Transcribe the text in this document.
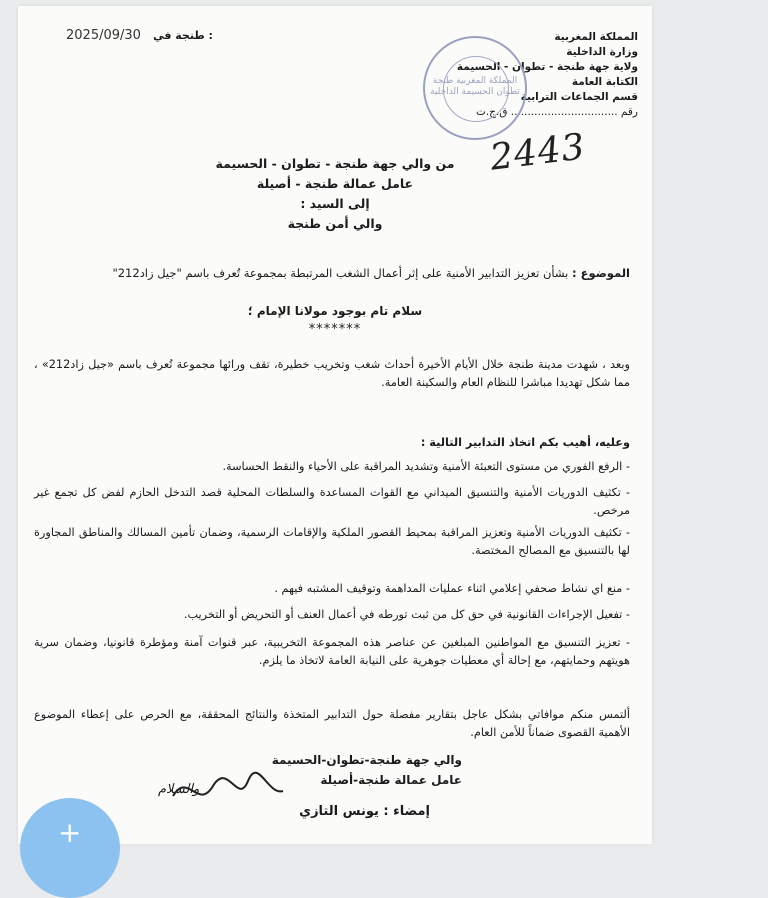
المملكة المغربية
وزارة الداخلية
ولاية جهة طنجة - تطوان - الحسيمة
الكتابة العامة
قسم الجماعات الترابية
رقم ................................ ق.ج.ت
2025/09/30 طنجة في :
المملكة المغربية طنجة تطوان الحسيمة الداخلية
2443
من والي جهة طنجة - تطوان - الحسيمة
عامل عمالة طنجة - أصيلة
إلى السيد :
والي أمن طنجة
الموضوع : بشأن تعزيز التدابير الأمنية على إثر أعمال الشغب المرتبطة بمجموعة تُعرف باسم "جيل زاد212"
سلام تام بوجود مولانا الإمام ؛
*******
وبعد ، شهدت مدينة طنجة خلال الأيام الأخيرة أحداث شغب وتخريب خطيرة، تقف ورائها مجموعة تُعرف باسم «جيل زاد212» ، مما شكل تهديدا مباشرا للنظام العام والسكينة العامة.
وعليه، أهيب بكم اتخاذ التدابير التالية :
- الرفع الفوري من مستوى التعبئة الأمنية وتشديد المراقبة على الأحياء والنقط الحساسة.
- تكثيف الدوريات الأمنية والتنسيق الميداني مع القوات المساعدة والسلطات المحلية قصد التدخل الحازم لفض كل تجمع غير مرخص.
- تكثيف الدوريات الأمنية وتعزيز المراقبة بمحيط القصور الملكية والإقامات الرسمية، وضمان تأمين المسالك والمناطق المجاورة لها بالتنسيق مع المصالح المختصة.
- منع اي نشاط صحفي إعلامي اثناء عمليات المداهمة وتوقيف المشتبه فيهم .
- تفعيل الإجراءات القانونية في حق كل من ثبت تورطه في أعمال العنف أو التحريض أو التخريب.
- تعزيز التنسيق مع المواطنين المبلغين عن عناصر هذه المجموعة التخريبية، عبر قنوات آمنة ومؤطرة قانونيا، وضمان سرية هويتهم وحمايتهم، مع إحالة أي معطيات جوهرية على النيابة العامة لاتخاذ ما يلزم.
ألتمس منكم موافاتي بشكل عاجل بتقارير مفصلة حول التدابير المتخذة والنتائج المحققة، مع الحرص على إعطاء الموضوع الأهمية القصوى ضماناً للأمن العام.
والي جهة طنجة-تطوان-الحسيمة
عامل عمالة طنجة-أصيلة
والسلام
إمضاء : يونس التازي
+
